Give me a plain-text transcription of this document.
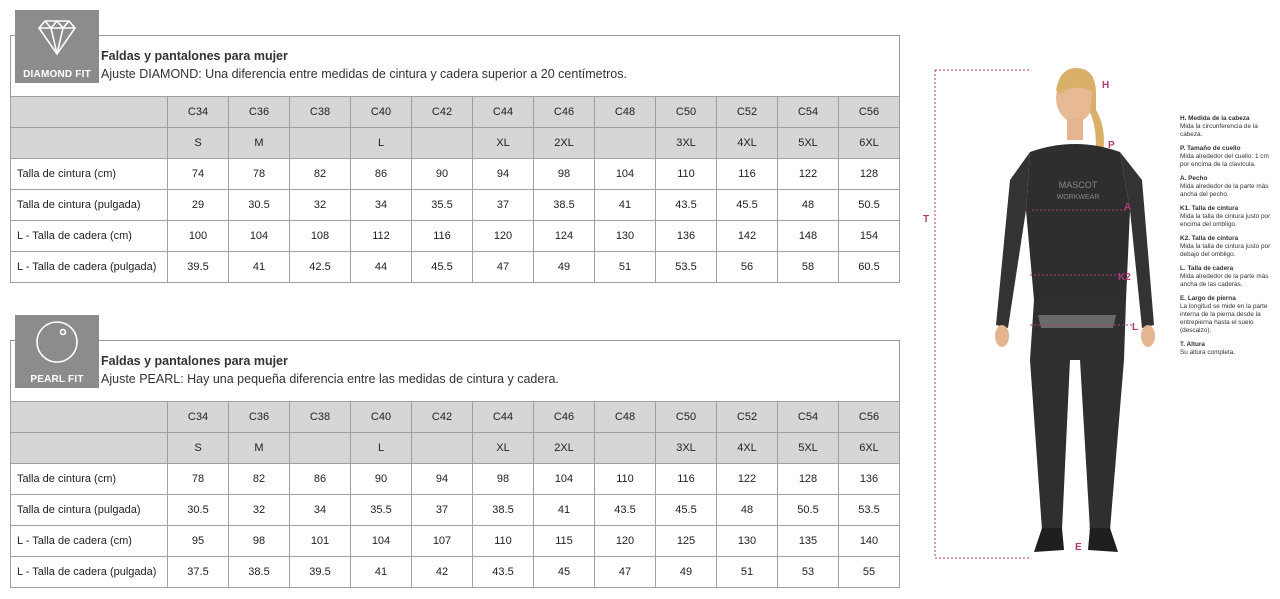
Faldas y pantalones para mujer
Ajuste DIAMOND: Una diferencia entre medidas de cintura y cadera superior a 20 centímetros.
DIAMOND FIT
	C34	C36	C38	C40	C42	C44	C46	C48	C50	C52	C54	C56
	S	M		L		XL	2XL		3XL	4XL	5XL	6XL
Talla de cintura (cm)	74	78	82	86	90	94	98	104	110	116	122	128
Talla de cintura (pulgada)	29	30.5	32	34	35.5	37	38.5	41	43.5	45.5	48	50.5
L - Talla de cadera (cm)	100	104	108	112	116	120	124	130	136	142	148	154
L - Talla de cadera (pulgada)	39.5	41	42.5	44	45.5	47	49	51	53.5	56	58	60.5
Faldas y pantalones para mujer
Ajuste PEARL: Hay una pequeña diferencia entre las medidas de cintura y cadera.
PEARL FIT
	C34	C36	C38	C40	C42	C44	C46	C48	C50	C52	C54	C56
	S	M		L		XL	2XL		3XL	4XL	5XL	6XL
Talla de cintura (cm)	78	82	86	90	94	98	104	110	116	122	128	136
Talla de cintura (pulgada)	30.5	32	34	35.5	37	38.5	41	43.5	45.5	48	50.5	53.5
L - Talla de cadera (cm)	95	98	101	104	107	110	115	120	125	130	135	140
L - Talla de cadera (pulgada)	37.5	38.5	39.5	41	42	43.5	45	47	49	51	53	55
MASCOT
WORKWEAR
H
P
A
K2
L
T
E
H. Medida de la cabeza
Mida la circunferencia de la cabeza.
P. Tamaño de cuello
Mida alrededor del cuello: 1 cm por encima de la clavícula.
A. Pecho
Mida alrededor de la parte más ancha del pecho.
K1. Talla de cintura
Mida la talla de cintura justo por encima del ombligo.
K2. Talla de cintura
Mida la talla de cintura justo por debajo del ombligo.
L. Talla de cadera
Mida alrededor de la parte más ancha de las caderas.
E. Largo de pierna
La longitud se mide en la parte interna de la pierna desde la entrepierna hasta el suelo (descalzo).
T. Altura
Su altura completa.
